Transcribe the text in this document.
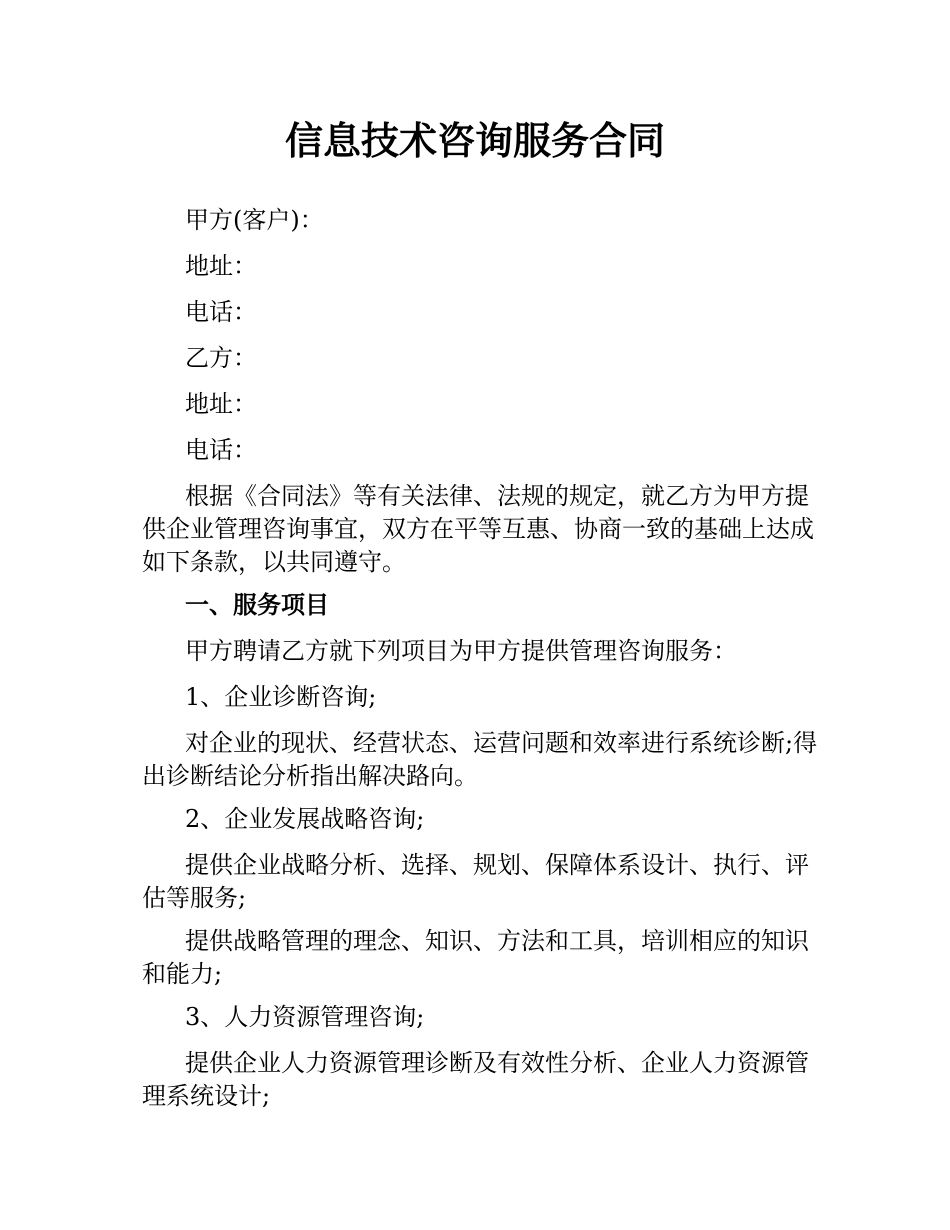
信息技术咨询服务合同

甲方(客户)：

地址：

电话：

乙方：

地址：

电话：

根据《合同法》等有关法律、法规的规定，就乙方为甲方提供企业管理咨询事宜，双方在平等互惠、协商一致的基础上达成如下条款，以共同遵守。

一、服务项目

甲方聘请乙方就下列项目为甲方提供管理咨询服务：

1、企业诊断咨询;

对企业的现状、经营状态、运营问题和效率进行系统诊断;得出诊断结论分析指出解决路向。

2、企业发展战略咨询;

提供企业战略分析、选择、规划、保障体系设计、执行、评估等服务;

提供战略管理的理念、知识、方法和工具，培训相应的知识和能力;

3、人力资源管理咨询;

提供企业人力资源管理诊断及有效性分析、企业人力资源管理系统设计;
